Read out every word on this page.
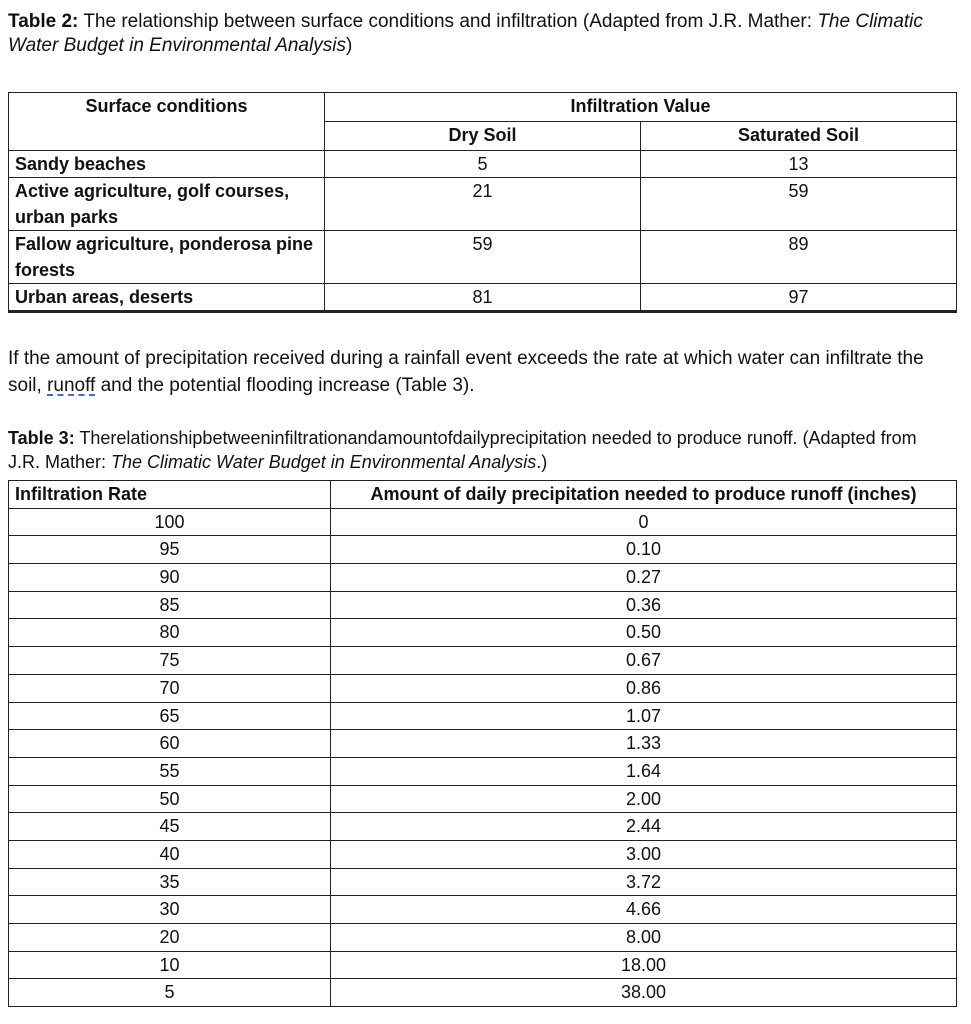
Table 2: The relationship between surface conditions and infiltration (Adapted from J.R. Mather: The Climatic Water Budget in Environmental Analysis)
Surface conditions	Infiltration Value	
	Dry Soil	Saturated Soil
Sandy beaches	5	13
Active agriculture, golf courses, urban parks	21	59
Fallow agriculture, ponderosa pine forests	59	89
Urban areas, deserts	81	97
If the amount of precipitation received during a rainfall event exceeds the rate at which water can infiltrate the soil, runoff and the potential flooding increase (Table 3).
Table 3: Therelationshipbetweeninfiltrationandamountofdailyprecipitation needed to produce runoff. (Adapted from J.R. Mather: The Climatic Water Budget in Environmental Analysis.)
Infiltration Rate	Amount of daily precipitation needed to produce runoff (inches)
100	0
95	0.10
90	0.27
85	0.36
80	0.50
75	0.67
70	0.86
65	1.07
60	1.33
55	1.64
50	2.00
45	2.44
40	3.00
35	3.72
30	4.66
20	8.00
10	18.00
5	38.00
